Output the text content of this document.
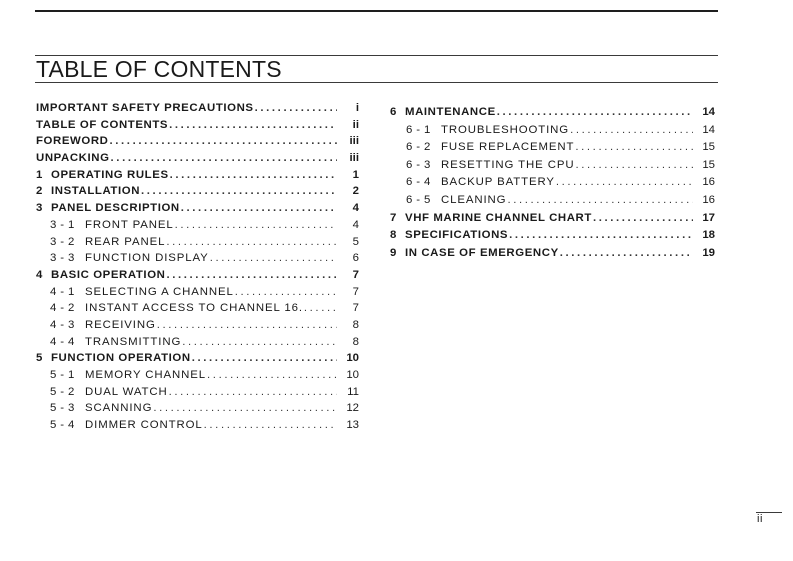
TABLE OF CONTENTS
IMPORTANT SAFETY PRECAUTIONS .....	i
TABLE OF CONTENTS .....	ii
FOREWORD .....	iii
UNPACKING .....	iii
1 OPERATING RULES .....	1
2 INSTALLATION .....	2
3 PANEL DESCRIPTION .....	4
3 - 1 FRONT PANEL .....	4
3 - 2 REAR PANEL .....	5
3 - 3 FUNCTION DISPLAY .....	6
4 BASIC OPERATION .....	7
4 - 1 SELECTING A CHANNEL .....	7
4 - 2 INSTANT ACCESS TO CHANNEL 16. .....	7
4 - 3 RECEIVING .....	8
4 - 4 TRANSMITTING .....	8
5 FUNCTION OPERATION .....	10
5 - 1 MEMORY CHANNEL .....	10
5 - 2 DUAL WATCH .....	11
5 - 3 SCANNING .....	12
5 - 4 DIMMER CONTROL .....	13
6 MAINTENANCE .....	14
6 - 1 TROUBLESHOOTING .....	14
6 - 2 FUSE REPLACEMENT .....	15
6 - 3 RESETTING THE CPU .....	15
6 - 4 BACKUP BATTERY .....	16
6 - 5 CLEANING .....	16
7 VHF MARINE CHANNEL CHART .....	17
8 SPECIFICATIONS .....	18
9 IN CASE OF EMERGENCY .....	19
ii
